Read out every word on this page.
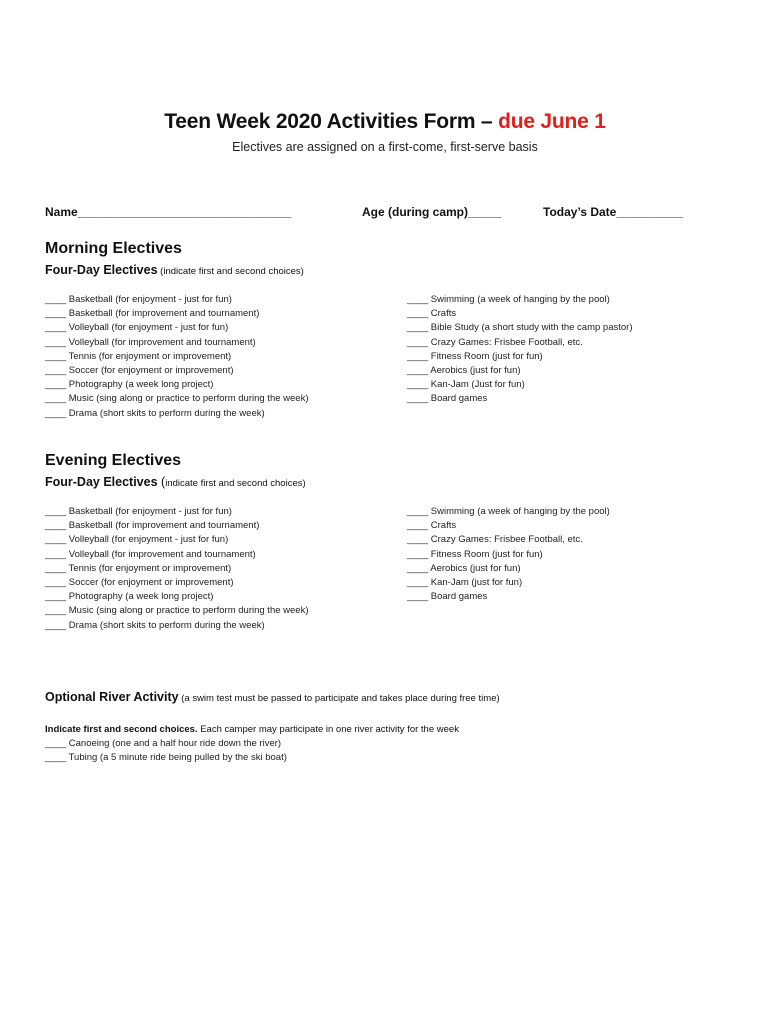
Teen Week 2020 Activities Form – due June 1
Electives are assigned on a first-come, first-serve basis
Name________________________________	Age (during camp)_____	Today’s Date__________
Morning Electives
Four-Day Electives (indicate first and second choices)
____ Basketball (for enjoyment - just for fun)
____ Basketball (for improvement and tournament)
____ Volleyball (for enjoyment - just for fun)
____ Volleyball (for improvement and tournament)
____ Tennis (for enjoyment or improvement)
____ Soccer (for enjoyment or improvement)
____ Photography (a week long project)
____ Music (sing along or practice to perform during the week)
____ Drama (short skits to perform during the week)
____ Swimming (a week of hanging by the pool)
____ Crafts
____ Bible Study (a short study with the camp pastor)
____ Crazy Games: Frisbee Football, etc.
____ Fitness Room (just for fun)
____ Aerobics (just for fun)
____ Kan-Jam (Just for fun)
____ Board games
Evening Electives
Four-Day Electives (indicate first and second choices)
____ Basketball (for enjoyment - just for fun)
____ Basketball (for improvement and tournament)
____ Volleyball (for enjoyment - just for fun)
____ Volleyball (for improvement and tournament)
____ Tennis (for enjoyment or improvement)
____ Soccer (for enjoyment or improvement)
____ Photography (a week long project)
____ Music (sing along or practice to perform during the week)
____ Drama (short skits to perform during the week)
____ Swimming (a week of hanging by the pool)
____ Crafts
____ Crazy Games: Frisbee Football, etc.
____ Fitness Room (just for fun)
____ Aerobics (just for fun)
____ Kan-Jam (just for fun)
____ Board games
Optional River Activity (a swim test must be passed to participate and takes place during free time)
Indicate first and second choices. Each camper may participate in one river activity for the week
____ Canoeing (one and a half hour ride down the river)
____ Tubing (a 5 minute ride being pulled by the ski boat)
